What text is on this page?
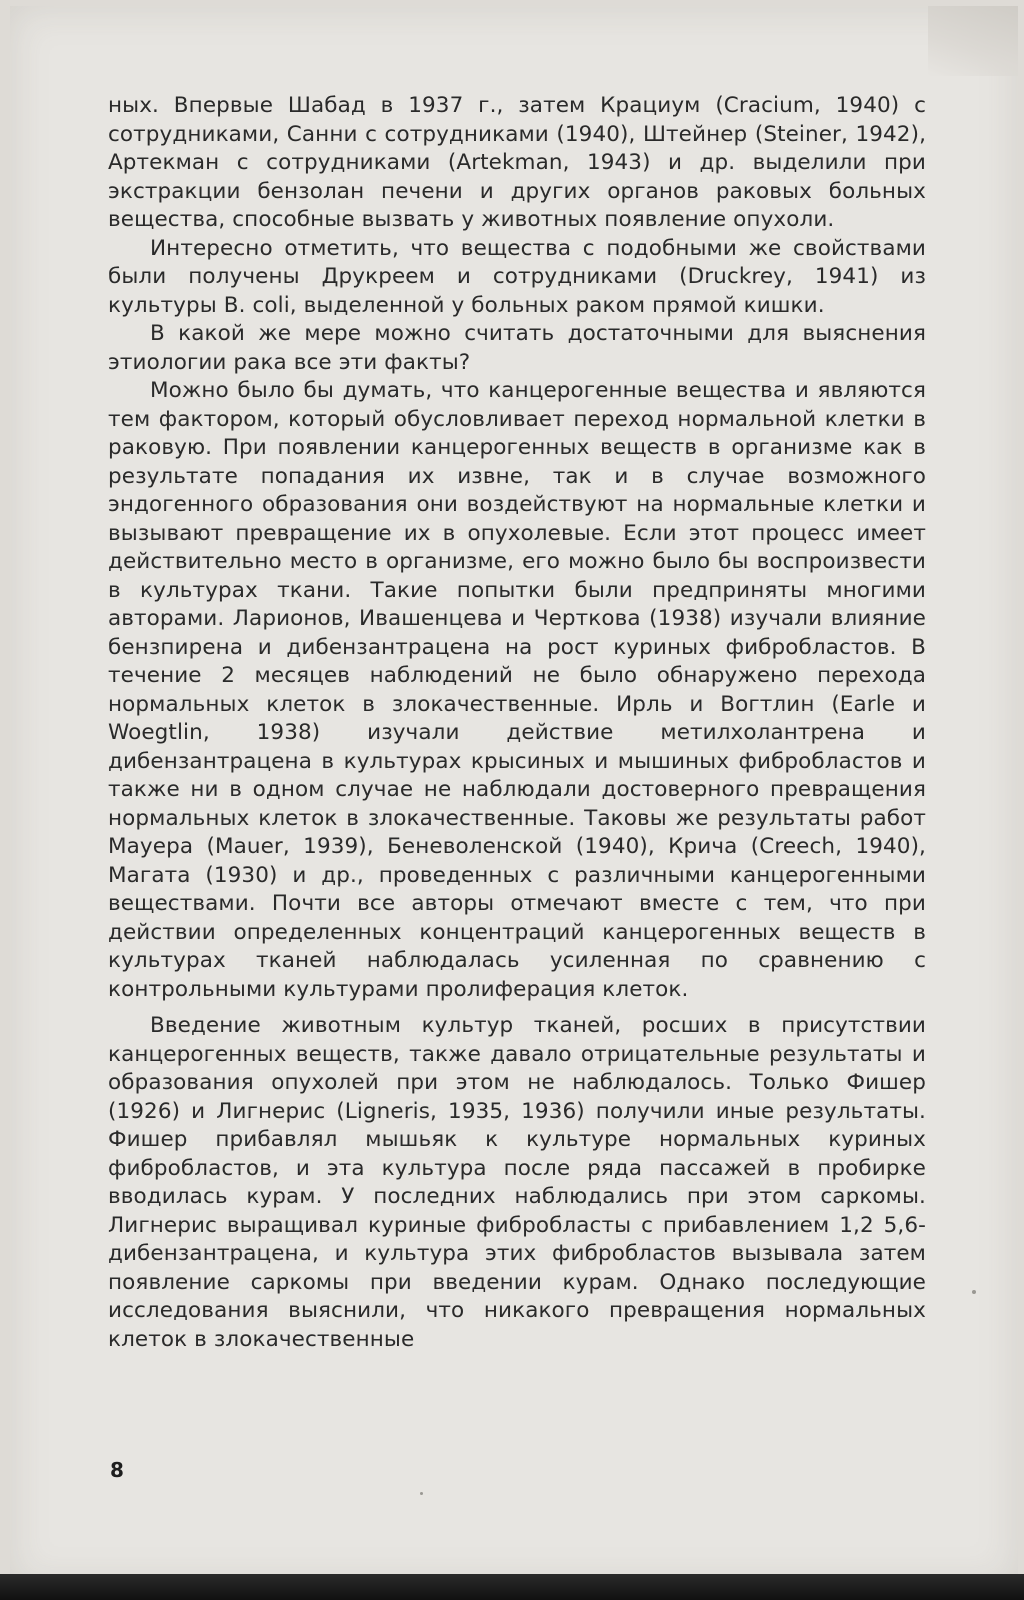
ных. Впервые Шабад в 1937 г., затем Крациум (Cracium, 1940) с сотрудниками, Санни с сотрудниками (1940), Штейнер (Steiner, 1942), Артекман с сотрудниками (Artekman, 1943) и др. выделили при экстракции бензолан печени и других органов раковых больных вещества, способные вызвать у животных появление опухоли.

Интересно отметить, что вещества с подобными же свойствами были получены Друкреем и сотрудниками (Druckrey, 1941) из культуры B. coli, выделенной у больных раком прямой кишки.

В какой же мере можно считать достаточными для выяснения этиологии рака все эти факты?

Можно было бы думать, что канцерогенные вещества и являются тем фактором, который обусловливает переход нормальной клетки в раковую. При появлении канцерогенных веществ в организме как в результате попадания их извне, так и в случае возможного эндогенного образования они воздействуют на нормальные клетки и вызывают превращение их в опухолевые. Если этот процесс имеет действительно место в организме, его можно было бы воспроизвести в культурах ткани. Такие попытки были предприняты многими авторами. Ларионов, Ивашенцева и Черткова (1938) изучали влияние бензпирена и дибензантрацена на рост куриных фибробластов. В течение 2 месяцев наблюдений не было обнаружено перехода нормальных клеток в злокачественные. Ирль и Вогтлин (Earle и Woegtlin, 1938) изучали действие метилхолантрена и дибензантрацена в культурах крысиных и мышиных фибробластов и также ни в одном случае не наблюдали достоверного превращения нормальных клеток в злокачественные. Таковы же результаты работ Мауера (Mauer, 1939), Беневоленской (1940), Крича (Creech, 1940), Магата (1930) и др., проведенных с различными канцерогенными веществами. Почти все авторы отмечают вместе с тем, что при действии определенных концентраций канцерогенных веществ в культурах тканей наблюдалась усиленная по сравнению с контрольными культурами пролиферация клеток.

Введение животным культур тканей, росших в присутствии канцерогенных веществ, также давало отрицательные результаты и образования опухолей при этом не наблюдалось. Только Фишер (1926) и Лигнерис (Ligneris, 1935, 1936) получили иные результаты. Фишер прибавлял мышьяк к культуре нормальных куриных фибробластов, и эта культура после ряда пассажей в пробирке вводилась курам. У последних наблюдались при этом саркомы. Лигнерис выращивал куриные фибробласты с прибавлением 1,2 5,6-дибензантрацена, и культура этих фибробластов вызывала затем появление саркомы при введении курам. Однако последующие исследования выяснили, что никакого превращения нормальных клеток в злокачественные

8
